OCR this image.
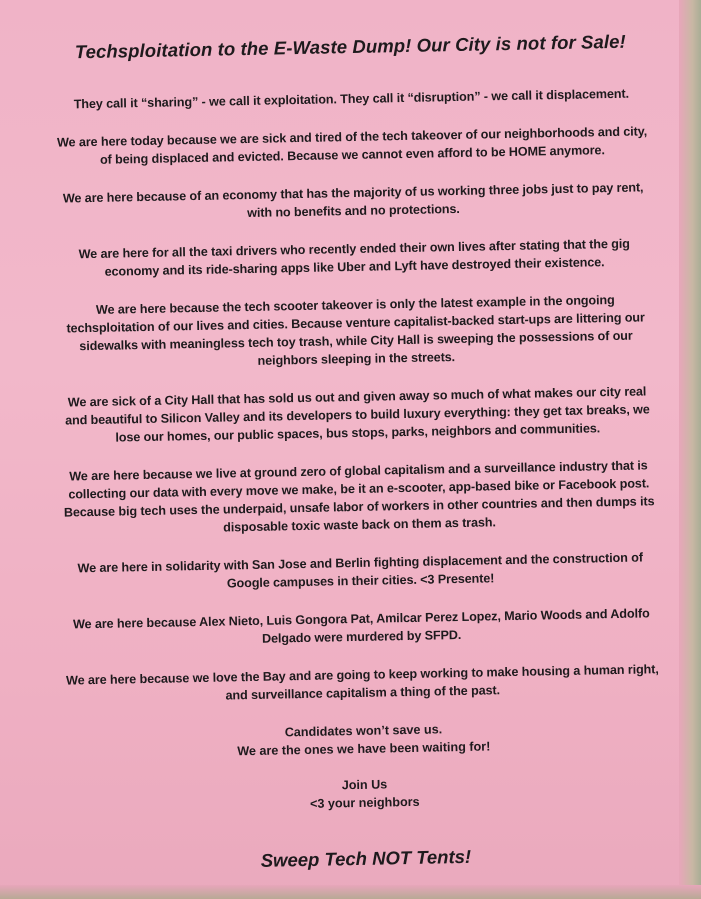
Techsploitation to the E-Waste Dump! Our City is not for Sale!
They call it “sharing” - we call it exploitation. They call it “disruption” - we call it displacement.
We are here today because we are sick and tired of the tech takeover of our neighborhoods and city,
of being displaced and evicted. Because we cannot even afford to be HOME anymore.
We are here because of an economy that has the majority of us working three jobs just to pay rent,
with no benefits and no protections.
We are here for all the taxi drivers who recently ended their own lives after stating that the gig
economy and its ride-sharing apps like Uber and Lyft have destroyed their existence.
We are here because the tech scooter takeover is only the latest example in the ongoing
techsploitation of our lives and cities. Because venture capitalist-backed start-ups are littering our
sidewalks with meaningless tech toy trash, while City Hall is sweeping the possessions of our
neighbors sleeping in the streets.
We are sick of a City Hall that has sold us out and given away so much of what makes our city real
and beautiful to Silicon Valley and its developers to build luxury everything: they get tax breaks, we
lose our homes, our public spaces, bus stops, parks, neighbors and communities.
We are here because we live at ground zero of global capitalism and a surveillance industry that is
collecting our data with every move we make, be it an e-scooter, app-based bike or Facebook post.
Because big tech uses the underpaid, unsafe labor of workers in other countries and then dumps its
disposable toxic waste back on them as trash.
We are here in solidarity with San Jose and Berlin fighting displacement and the construction of
Google campuses in their cities. <3 Presente!
We are here because Alex Nieto, Luis Gongora Pat, Amilcar Perez Lopez, Mario Woods and Adolfo
Delgado were murdered by SFPD.
We are here because we love the Bay and are going to keep working to make housing a human right,
and surveillance capitalism a thing of the past.
Candidates won’t save us.
We are the ones we have been waiting for!
Join Us
<3 your neighbors
Sweep Tech NOT Tents!
